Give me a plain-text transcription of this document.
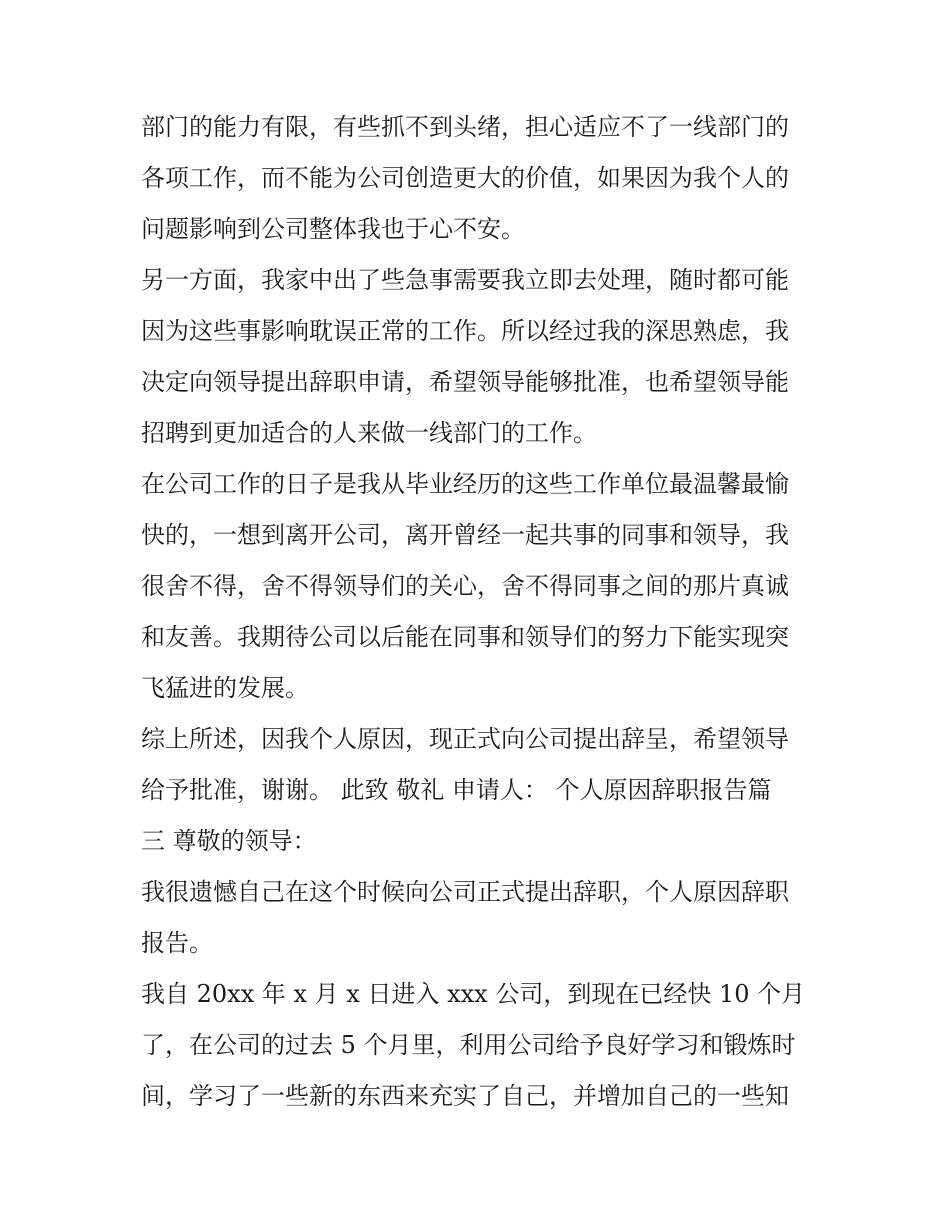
部门的能力有限，有些抓不到头绪，担心适应不了一线部门的
各项工作，而不能为公司创造更大的价值，如果因为我个人的
问题影响到公司整体我也于心不安。
另一方面，我家中出了些急事需要我立即去处理，随时都可能
因为这些事影响耽误正常的工作。所以经过我的深思熟虑，我
决定向领导提出辞职申请，希望领导能够批准，也希望领导能
招聘到更加适合的人来做一线部门的工作。
在公司工作的日子是我从毕业经历的这些工作单位最温馨最愉
快的，一想到离开公司，离开曾经一起共事的同事和领导，我
很舍不得，舍不得领导们的关心，舍不得同事之间的那片真诚
和友善。我期待公司以后能在同事和领导们的努力下能实现突
飞猛进的发展。
综上所述，因我个人原因，现正式向公司提出辞呈，希望领导
给予批准，谢谢。 此致 敬礼 申请人： 个人原因辞职报告篇
三 尊敬的领导：
我很遗憾自己在这个时候向公司正式提出辞职，个人原因辞职
报告。
我自 20xx 年 x 月 x 日进入 xxx 公司，到现在已经快 10 个月
了，在公司的过去 5 个月里，利用公司给予良好学习和锻炼时
间，学习了一些新的东西来充实了自己，并增加自己的一些知
